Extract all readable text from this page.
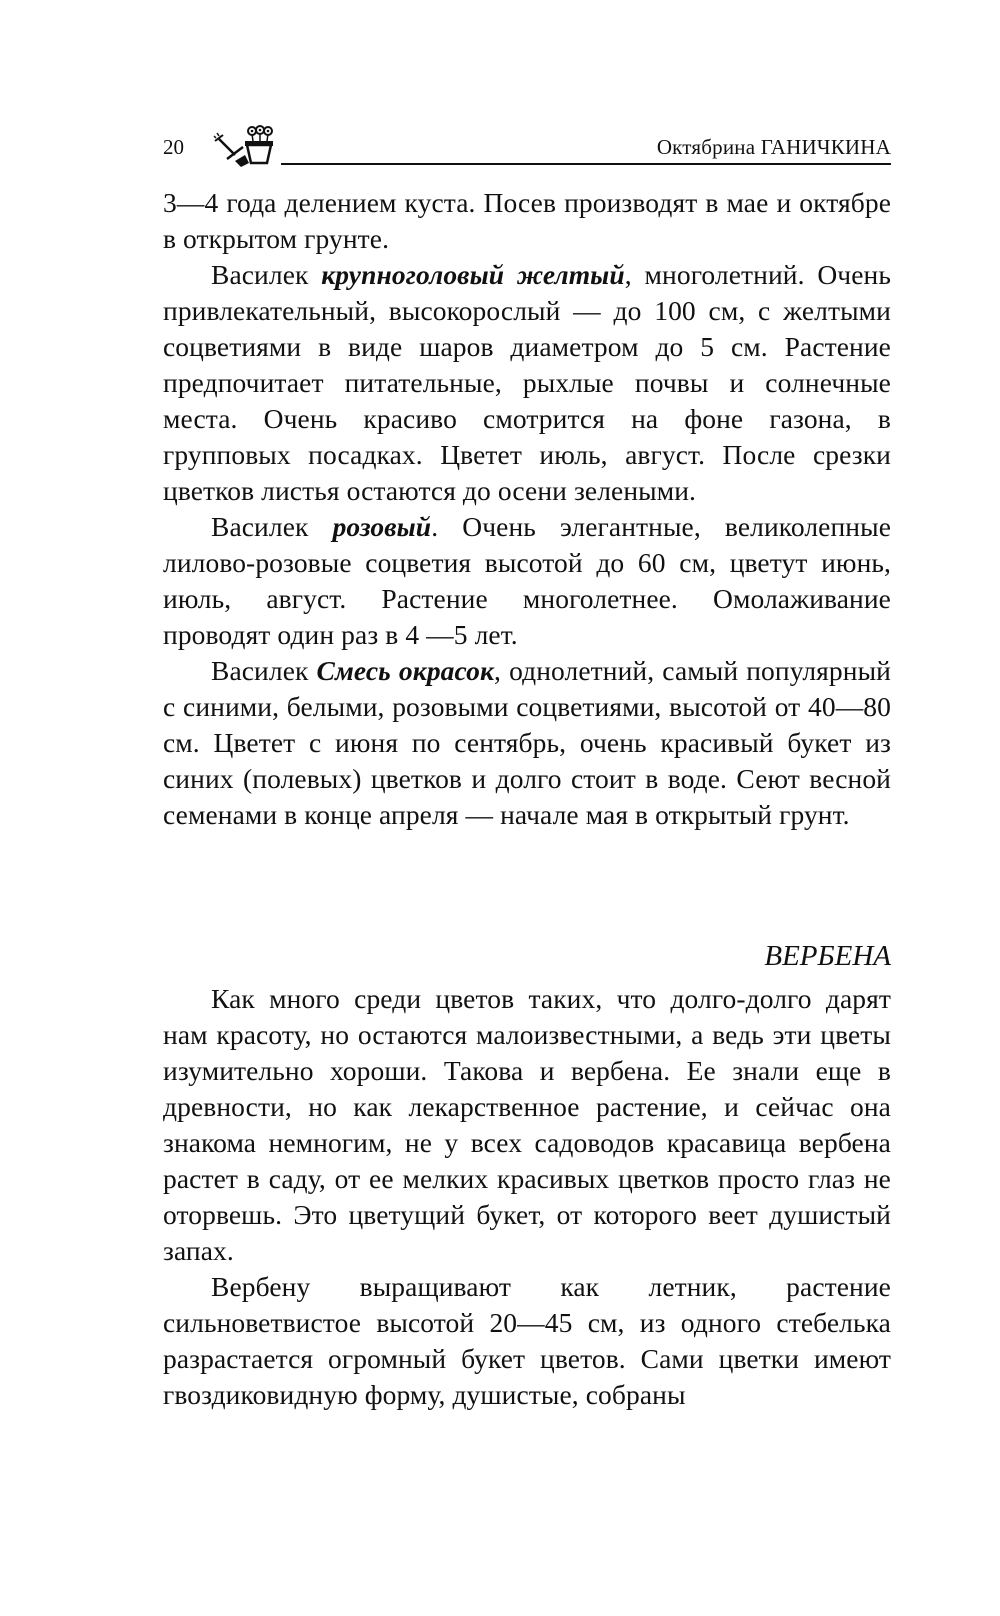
20	Октябрина ГАНИЧКИНА

3—4 года делением куста. Посев производят в мае и октябре в открытом грунте.

Василек крупноголовый желтый, многолетний. Очень привлекательный, высокорослый — до 100 см, с желтыми соцветиями в виде шаров диаметром до 5 см. Растение предпочитает питательные, рыхлые почвы и солнечные места. Очень красиво смотрится на фоне газона, в групповых посадках. Цветет июль, август. После срезки цветков листья остаются до осени зелеными.

Василек розовый. Очень элегантные, великолепные лилово-розовые соцветия высотой до 60 см, цветут июнь, июль, август. Растение многолетнее. Омолаживание проводят один раз в 4 —5 лет.

Василек Смесь окрасок, однолетний, самый популярный с синими, белыми, розовыми соцветиями, высотой от 40—80 см. Цветет с июня по сентябрь, очень красивый букет из синих (полевых) цветков и долго стоит в воде. Сеют весной семенами в конце апреля — начале мая в открытый грунт.

ВЕРБЕНА

Как много среди цветов таких, что долго-долго дарят нам красоту, но остаются малоизвестными, а ведь эти цветы изумительно хороши. Такова и вербена. Ее знали еще в древности, но как лекарственное растение, и сейчас она знакома немногим, не у всех садоводов красавица вербена растет в саду, от ее мелких красивых цветков просто глаз не оторвешь. Это цветущий букет, от которого веет душистый запах.

Вербену выращивают как летник, растение сильноветвистое высотой 20—45 см, из одного стебелька разрастается огромный букет цветов. Сами цветки имеют гвоздиковидную форму, душистые, собраны
